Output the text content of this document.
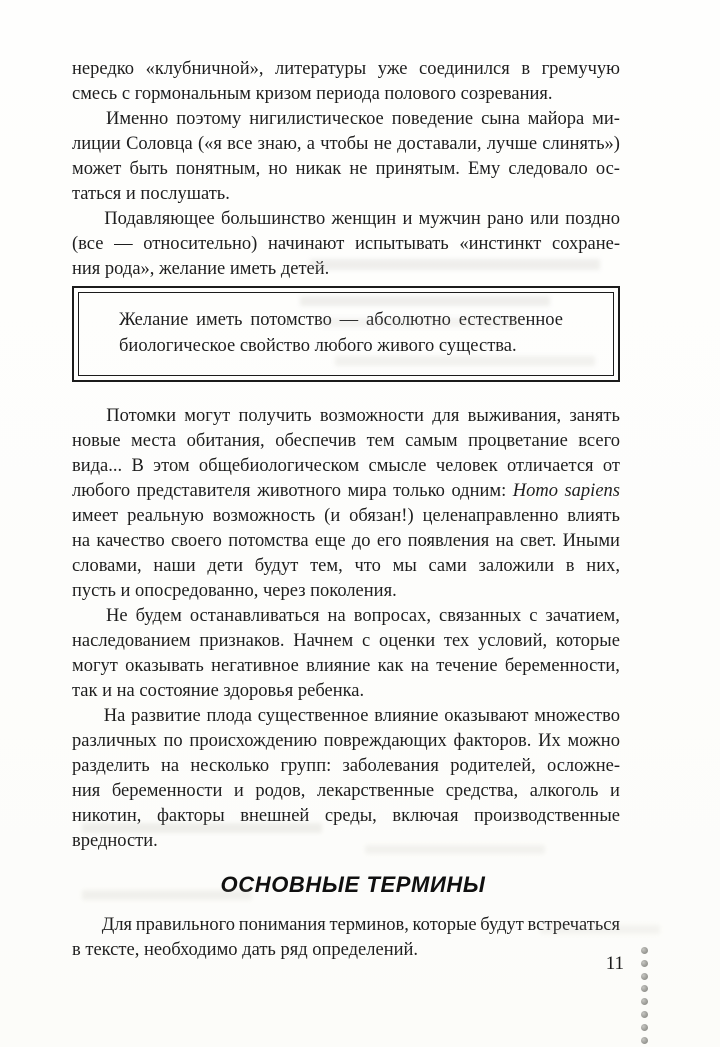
нередко «клубничной», литературы уже соединился в гремучую
смесь с гормональным кризом периода полового созревания.
Именно поэтому нигилистическое поведение сына майора ми-
лиции Соловца («я все знаю, а чтобы не доставали, лучше слинять»)
может быть понятным, но никак не принятым. Ему следовало ос-
таться и послушать.
Подавляющее большинство женщин и мужчин рано или поздно
(все — относительно) начинают испытывать «инстинкт сохране-
ния рода», желание иметь детей.
Желание иметь потомство — абсолютно естественное
биологическое свойство любого живого существа.
Потомки могут получить возможности для выживания, занять
новые места обитания, обеспечив тем самым процветание всего
вида... В этом общебиологическом смысле человек отличается от
любого представителя животного мира только одним: Homo sapiens
имеет реальную возможность (и обязан!) целенаправленно влиять
на качество своего потомства еще до его появления на свет. Иными
словами, наши дети будут тем, что мы сами заложили в них,
пусть и опосредованно, через поколения.
Не будем останавливаться на вопросах, связанных с зачатием,
наследованием признаков. Начнем с оценки тех условий, которые
могут оказывать негативное влияние как на течение беременности,
так и на состояние здоровья ребенка.
На развитие плода существенное влияние оказывают множество
различных по происхождению повреждающих факторов. Их можно
разделить на несколько групп: заболевания родителей, осложне-
ния беременности и родов, лекарственные средства, алкоголь и
никотин, факторы внешней среды, включая производственные
вредности.
ОСНОВНЫЕ ТЕРМИНЫ
Для правильного понимания терминов, которые будут встречаться
в тексте, необходимо дать ряд определений.
11
